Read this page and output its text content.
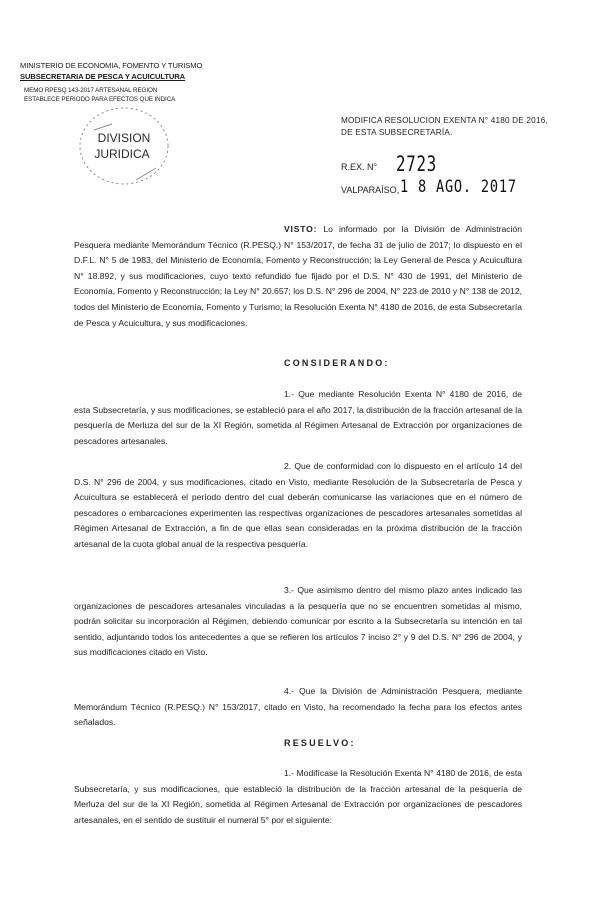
MINISTERIO DE ECONOMIA, FOMENTO Y TURISMO
SUBSECRETARIA DE PESCA Y ACUICULTURA
MEMO RPESQ 143-2017 ARTESANAL REGION
ESTABLECE PERIODO PARA EFECTOS QUE INDICA
DIVISION
JURIDICA
MODIFICA RESOLUCION EXENTA N° 4180 DE 2016,
DE ESTA SUBSECRETARÍA.
R.EX. N° 2723
VALPARAÍSO, 1 8 AGO. 2017
VISTO: Lo informado por la División de Administración Pesquera mediante Memorándum Técnico (R.PESQ.) N° 153/2017, de fecha 31 de julio de 2017; lo dispuesto en el D.F.L. N° 5 de 1983, del Ministerio de Economía, Fomento y Reconstrucción; la Ley General de Pesca y Acuicultura N° 18.892, y sus modificaciones, cuyo texto refundido fue fijado por el D.S. N° 430 de 1991, del Ministerio de Economía, Fomento y Reconstrucción; la Ley N° 20.657; los D.S. N° 296 de 2004, N° 223 de 2010 y N° 138 de 2012, todos del Ministerio de Economía, Fomento y Turismo; la Resolución Exenta N° 4180 de 2016, de esta Subsecretaría de Pesca y Acuicultura, y sus modificaciones.
CONSIDERANDO:
1.- Que mediante Resolución Exenta N° 4180 de 2016, de esta Subsecretaría, y sus modificaciones, se estableció para el año 2017, la distribución de la fracción artesanal de la pesquería de Merluza del sur de la XI Región, sometida al Régimen Artesanal de Extracción por organizaciones de pescadores artesanales.
2. Que de conformidad con lo dispuesto en el artículo 14 del D.S. N° 296 de 2004, y sus modificaciones, citado en Visto, mediante Resolución de la Subsecretaría de Pesca y Acuicultura se establecerá el período dentro del cual deberán comunicarse las variaciones que en el número de pescadores o embarcaciones experimenten las respectivas organizaciones de pescadores artesanales sometidas al Régimen Artesanal de Extracción, a fin de que ellas sean consideradas en la próxima distribución de la fracción artesanal de la cuota global anual de la respectiva pesquería.
3.- Que asimismo dentro del mismo plazo antes indicado las organizaciones de pescadores artesanales vinculadas a la pesquería que no se encuentren sometidas al mismo, podrán solicitar su incorporación al Régimen, debiendo comunicar por escrito a la Subsecretaría su intención en tal sentido, adjuntando todos los antecedentes a que se refieren los artículos 7 inciso 2° y 9 del D.S. N° 296 de 2004, y sus modificaciones citado en Visto.
4.- Que la División de Administración Pesquera, mediante Memorándum Técnico (R.PESQ.) N° 153/2017, citado en Visto, ha recomendado la fecha para los efectos antes señalados.
RESUELVO:
1.- Modifícase la Resolución Exenta N° 4180 de 2016, de esta Subsecretaría, y sus modificaciones, que estableció la distribución de la fracción artesanal de la pesquería de Merluza del sur de la XI Región, sometida al Régimen Artesanal de Extracción por organizaciones de pescadores artesanales, en el sentido de sustituir el numeral 5° por el siguiente:
